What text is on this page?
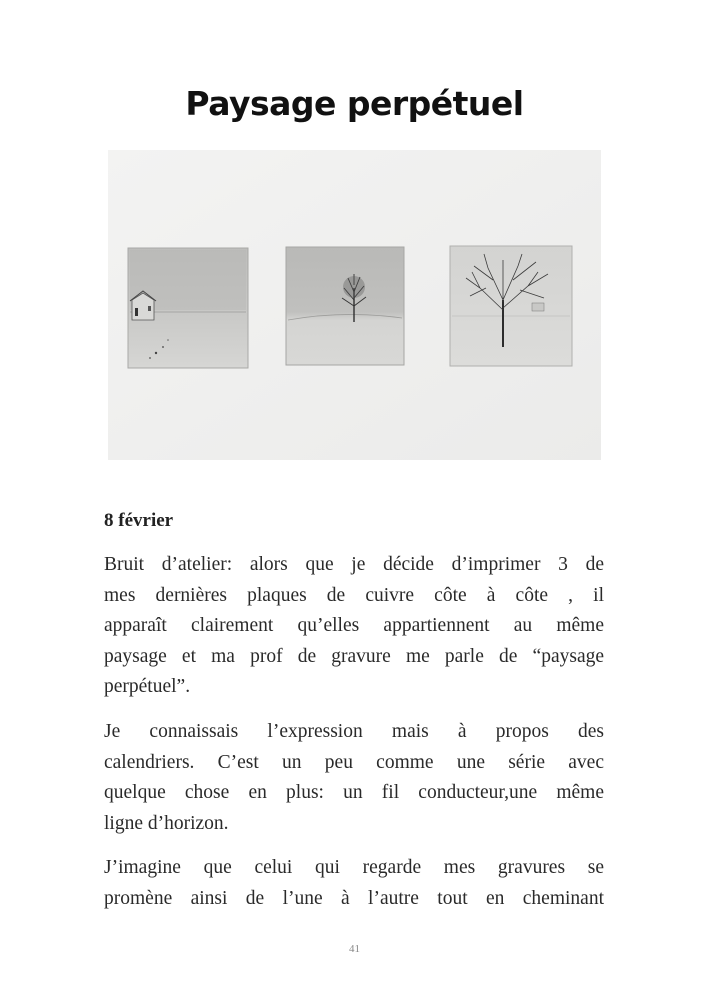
Paysage perpétuel

8 février

Bruit d’atelier: alors que je décide d’imprimer 3 de
mes dernières plaques de cuivre côte à côte , il
apparaît clairement qu’elles appartiennent au même
paysage et ma prof de gravure me parle de “paysage
perpétuel”.
Je connaissais l’expression mais à propos des
calendriers. C’est un peu comme une série avec
quelque chose en plus: un fil conducteur,une même
ligne d’horizon.
J’imagine que celui qui regarde mes gravures se
promène ainsi de l’une à l’autre tout en cheminant

41
